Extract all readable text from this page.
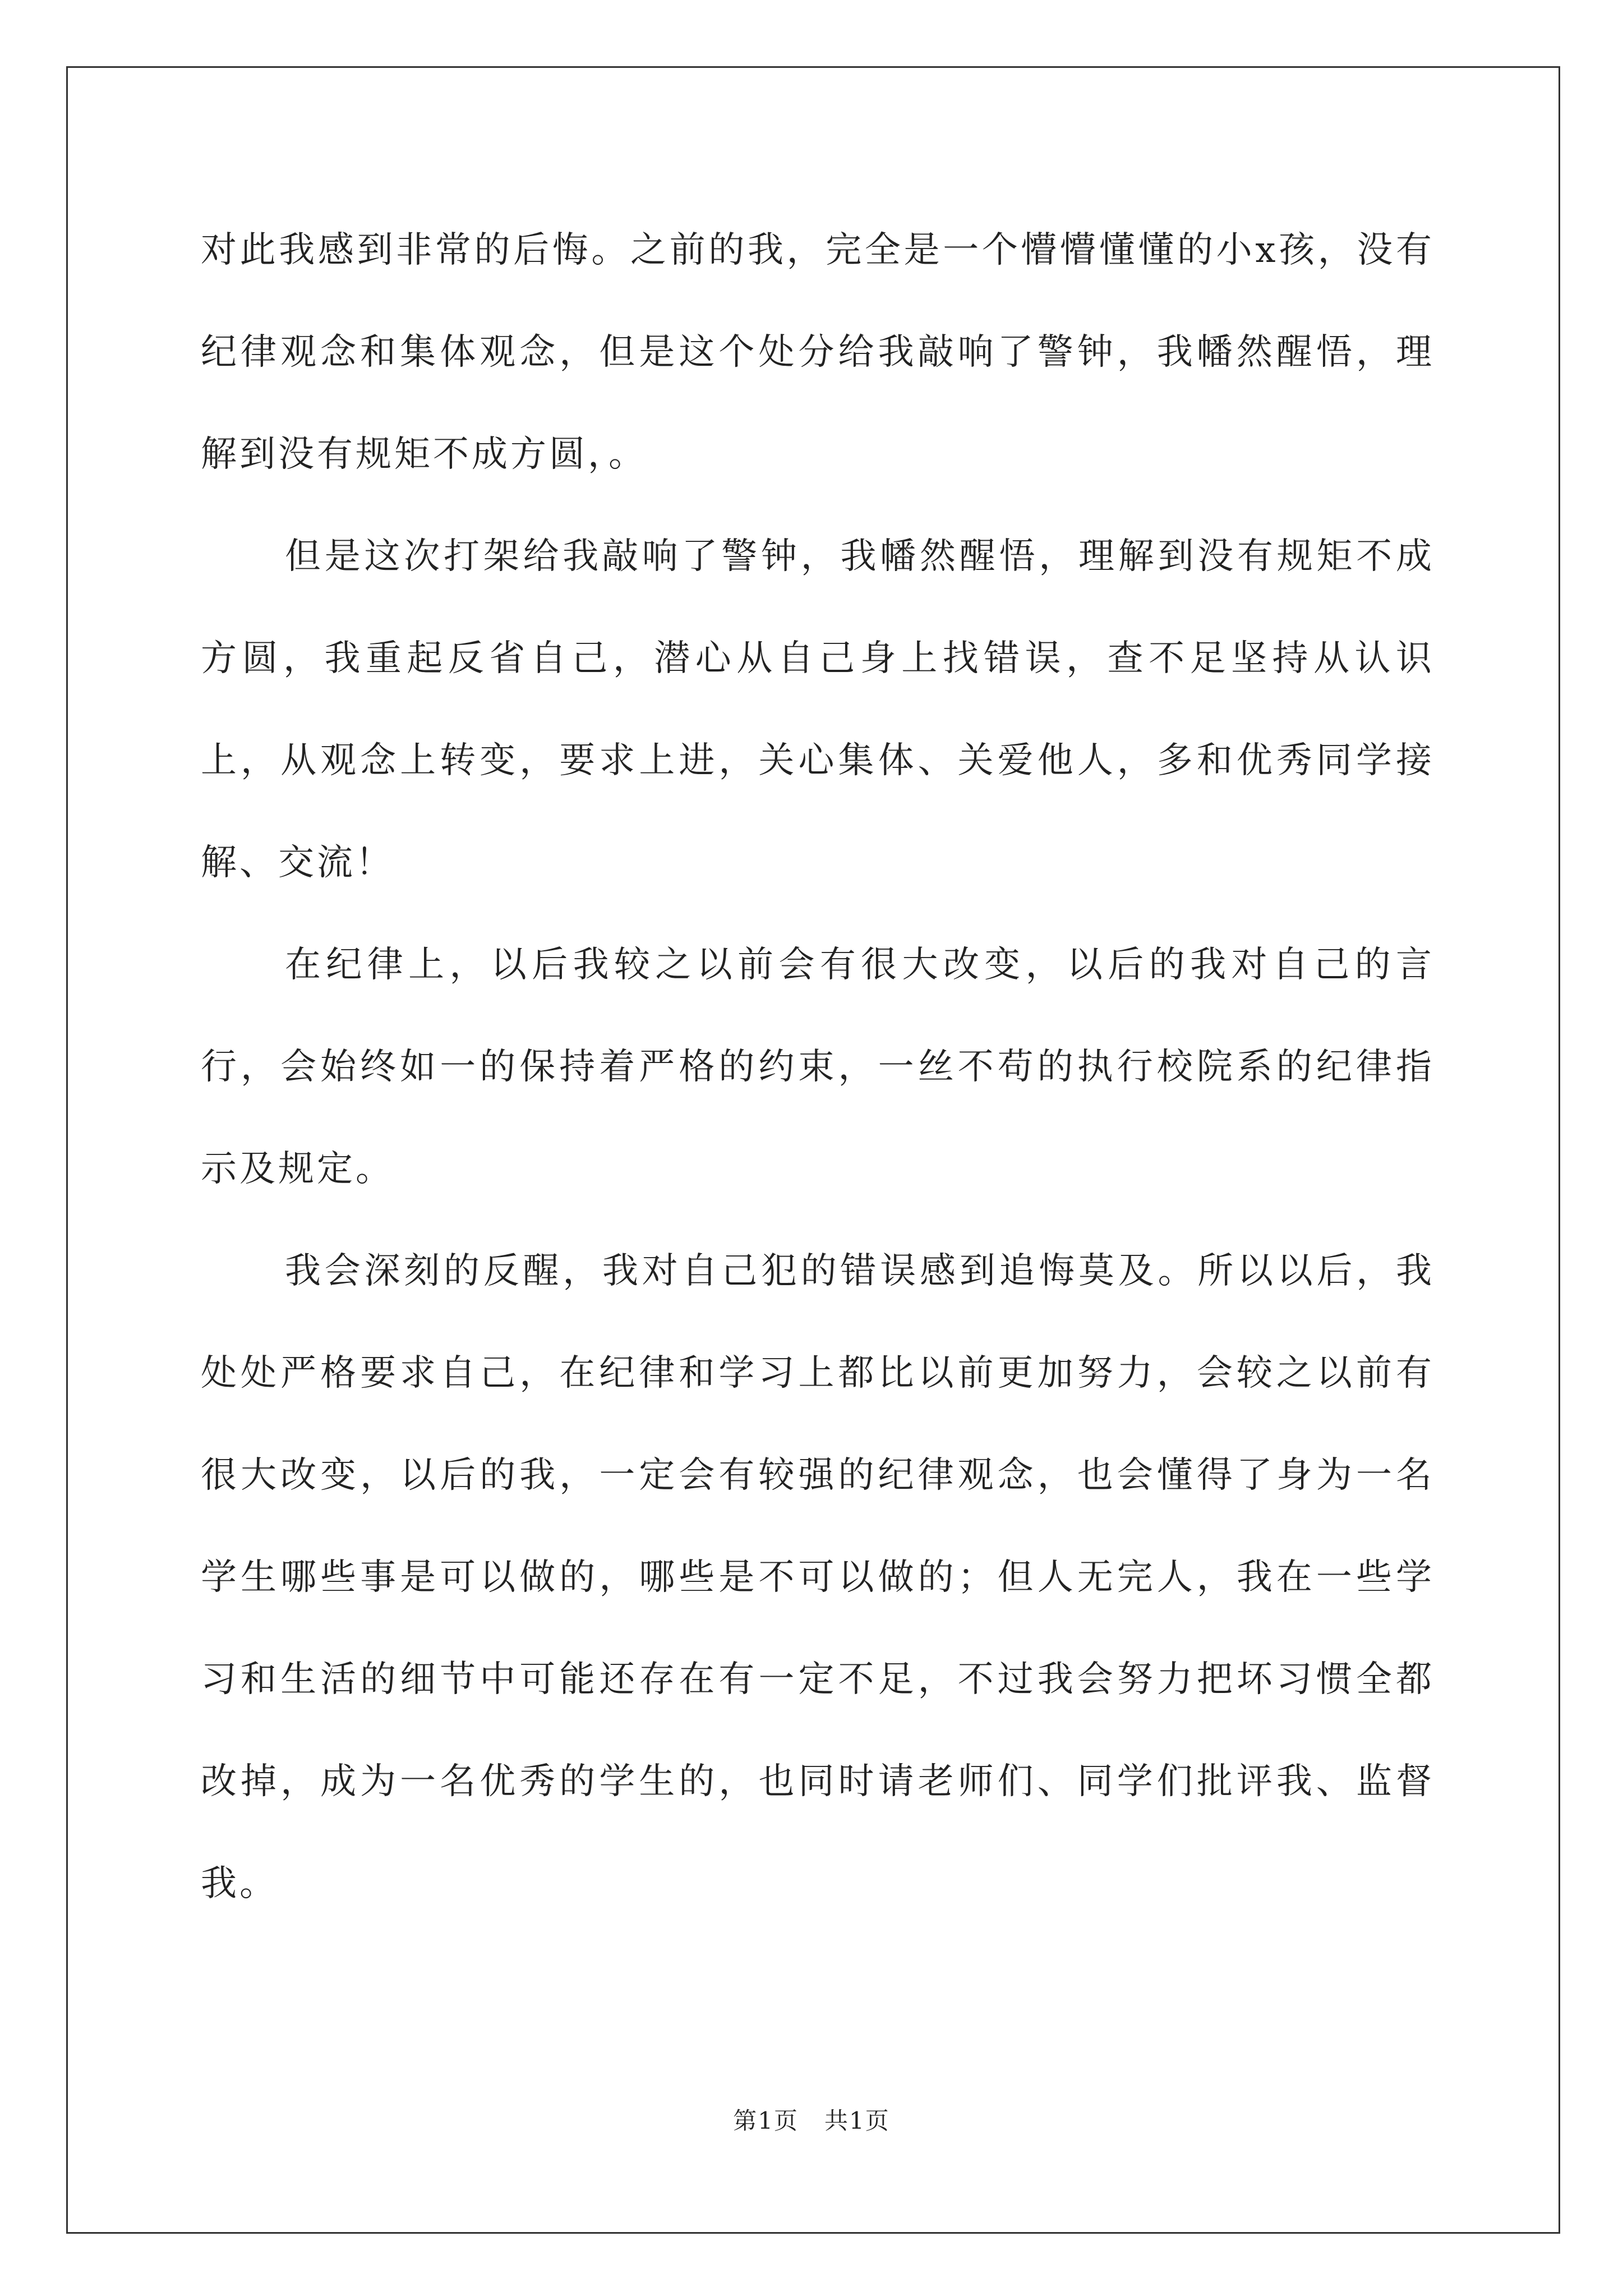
对此我感到非常的后悔。之前的我，完全是一个懵懵懂懂的小x孩，没有纪律观念和集体观念，但是这个处分给我敲响了警钟，我幡然醒悟，理解到没有规矩不成方圆，。

但是这次打架给我敲响了警钟，我幡然醒悟，理解到没有规矩不成方圆，我重起反省自己，潜心从自己身上找错误，查不足坚持从认识上，从观念上转变，要求上进，关心集体、关爱他人，多和优秀同学接解、交流！

在纪律上，以后我较之以前会有很大改变，以后的我对自己的言行，会始终如一的保持着严格的约束，一丝不苟的执行校院系的纪律指示及规定。

我会深刻的反醒，我对自己犯的错误感到追悔莫及。所以以后，我处处严格要求自己，在纪律和学习上都比以前更加努力，会较之以前有很大改变，以后的我，一定会有较强的纪律观念，也会懂得了身为一名学生哪些事是可以做的，哪些是不可以做的；但人无完人，我在一些学习和生活的细节中可能还存在有一定不足，不过我会努力把坏习惯全都改掉，成为一名优秀的学生的，也同时请老师们、同学们批评我、监督我。

第1页 共1页
